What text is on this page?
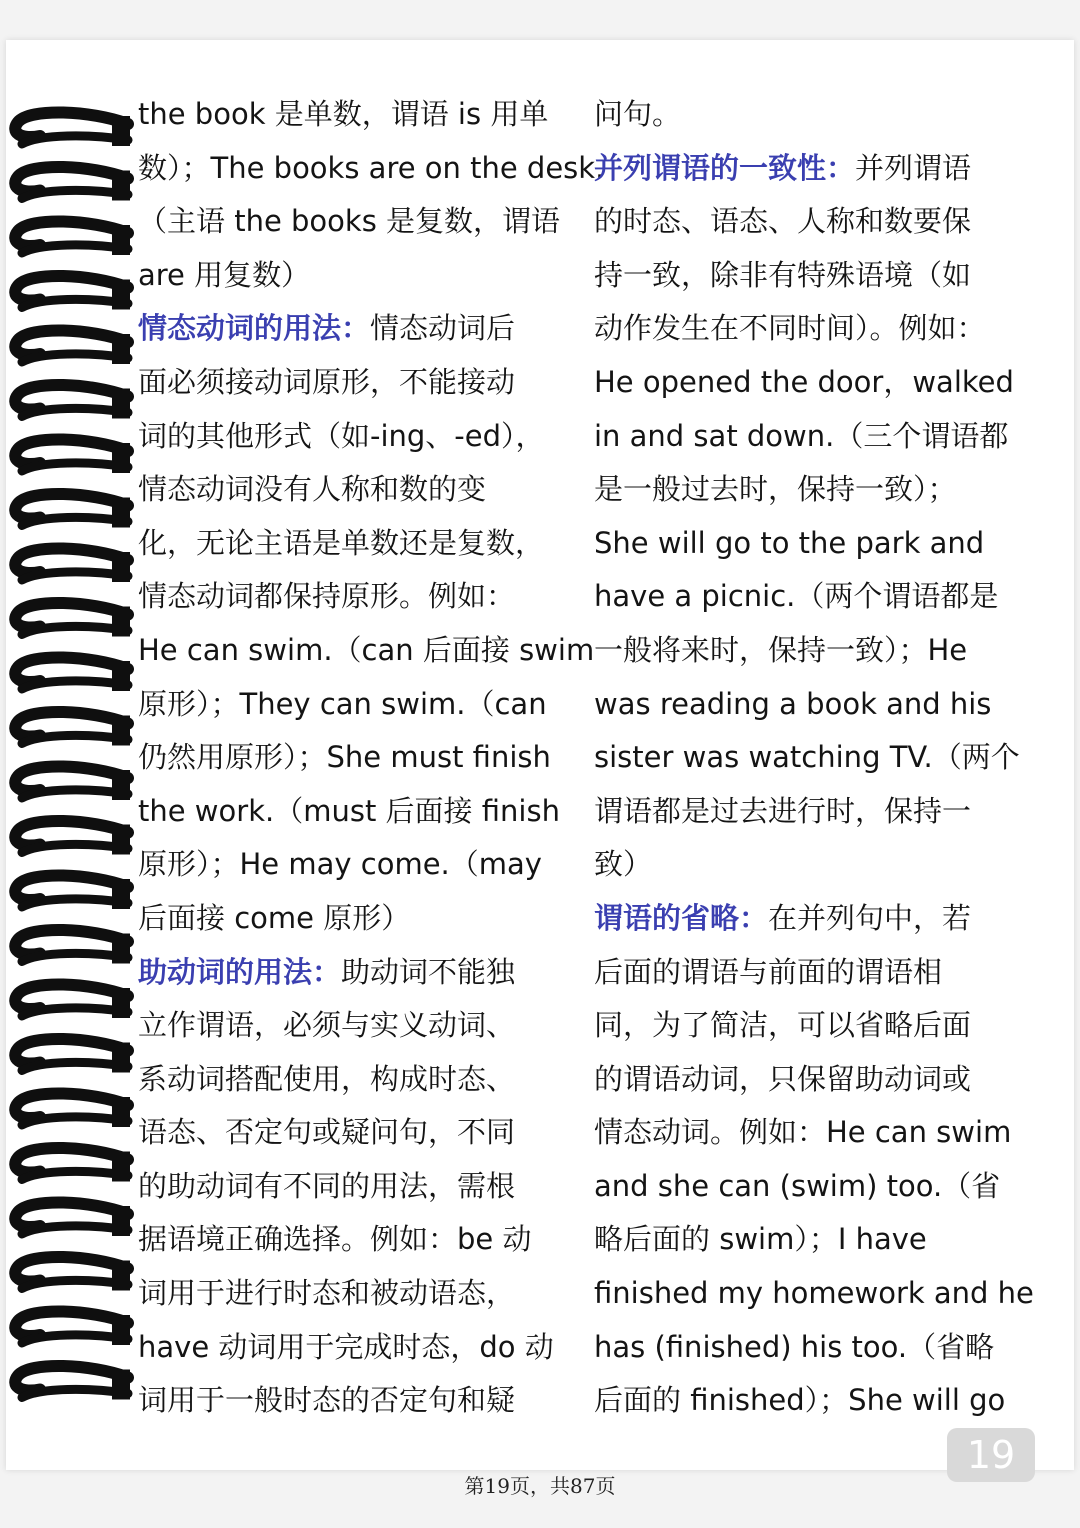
the book 是单数，谓语 is 用单
数）；The books are on the desk.
（主语 the books 是复数，谓语
are 用复数）
情态动词的用法：情态动词后
面必须接动词原形，不能接动
词的其他形式（如-ing、-ed），
情态动词没有人称和数的变
化，无论主语是单数还是复数，
情态动词都保持原形。例如：
He can swim.（can 后面接 swim
原形）；They can swim.（can
仍然用原形）；She must finish
the work.（must 后面接 finish
原形）；He may come.（may
后面接 come 原形）
助动词的用法：助动词不能独
立作谓语，必须与实义动词、
系动词搭配使用，构成时态、
语态、否定句或疑问句，不同
的助动词有不同的用法，需根
据语境正确选择。例如：be 动
词用于进行时态和被动语态，
have 动词用于完成时态，do 动
词用于一般时态的否定句和疑
问句。
并列谓语的一致性：并列谓语
的时态、语态、人称和数要保
持一致，除非有特殊语境（如
动作发生在不同时间）。例如：
He opened the door，walked
in and sat down.（三个谓语都
是一般过去时，保持一致）；
She will go to the park and
have a picnic.（两个谓语都是
一般将来时，保持一致）；He
was reading a book and his
sister was watching TV.（两个
谓语都是过去进行时，保持一
致）
谓语的省略：在并列句中，若
后面的谓语与前面的谓语相
同，为了简洁，可以省略后面
的谓语动词，只保留助动词或
情态动词。例如：He can swim
and she can (swim) too.（省
略后面的 swim）；I have
finished my homework and he
has (finished) his too.（省略
后面的 finished）；She will go
19
第19页，共87页
